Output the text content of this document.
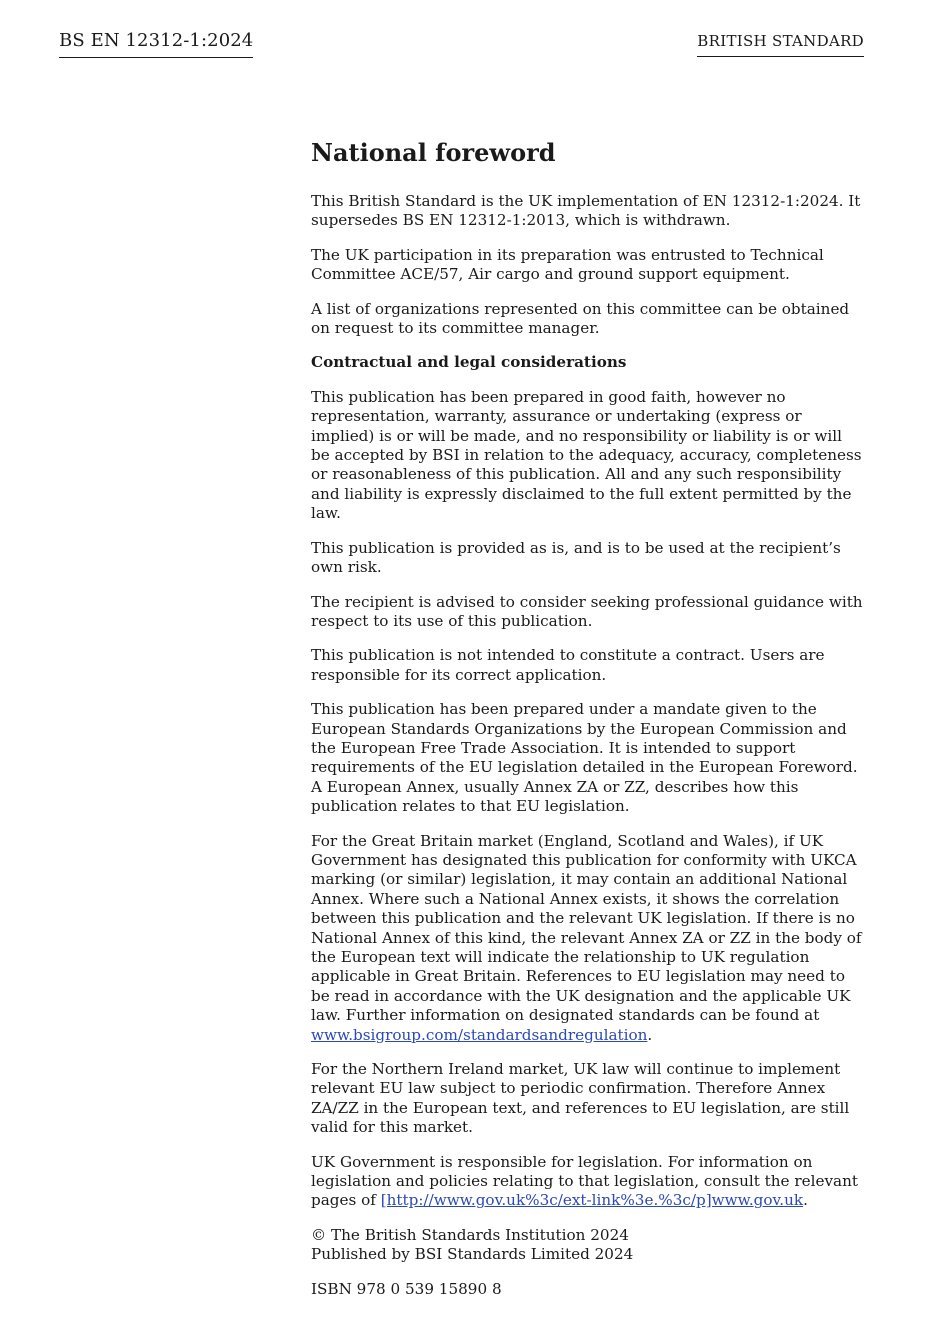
BS EN 12312-1:2024	BRITISH STANDARD
National foreword

This British Standard is the UK implementation of EN 12312-1:2024. It supersedes BS EN 12312-1:2013, which is withdrawn.

The UK participation in its preparation was entrusted to Technical Committee ACE/57, Air cargo and ground support equipment.

A list of organizations represented on this committee can be obtained on request to its committee manager.

Contractual and legal considerations

This publication has been prepared in good faith, however no representation, warranty, assurance or undertaking (express or implied) is or will be made, and no responsibility or liability is or will be accepted by BSI in relation to the adequacy, accuracy, completeness or reasonableness of this publication. All and any such responsibility and liability is expressly disclaimed to the full extent permitted by the law.

This publication is provided as is, and is to be used at the recipient’s own risk.

The recipient is advised to consider seeking professional guidance with respect to its use of this publication.

This publication is not intended to constitute a contract. Users are responsible for its correct application.

This publication has been prepared under a mandate given to the European Standards Organizations by the European Commission and the European Free Trade Association. It is intended to support requirements of the EU legislation detailed in the European Foreword. A European Annex, usually Annex ZA or ZZ, describes how this publication relates to that EU legislation.

For the Great Britain market (England, Scotland and Wales), if UK Government has designated this publication for conformity with UKCA marking (or similar) legislation, it may contain an additional National Annex. Where such a National Annex exists, it shows the correlation between this publication and the relevant UK legislation. If there is no National Annex of this kind, the relevant Annex ZA or ZZ in the body of the European text will indicate the relationship to UK regulation applicable in Great Britain. References to EU legislation may need to be read in accordance with the UK designation and the applicable UK law. Further information on designated standards can be found at www.bsigroup.com/standardsandregulation.

For the Northern Ireland market, UK law will continue to implement relevant EU law subject to periodic confirmation. Therefore Annex ZA/ZZ in the European text, and references to EU legislation, are still valid for this market.

UK Government is responsible for legislation. For information on legislation and policies relating to that legislation, consult the relevant pages of [http://www.gov.uk%3c/ext-link%3e.%3c/p]www.gov.uk.

© The British Standards Institution 2024
Published by BSI Standards Limited 2024

ISBN 978 0 539 15890 8
